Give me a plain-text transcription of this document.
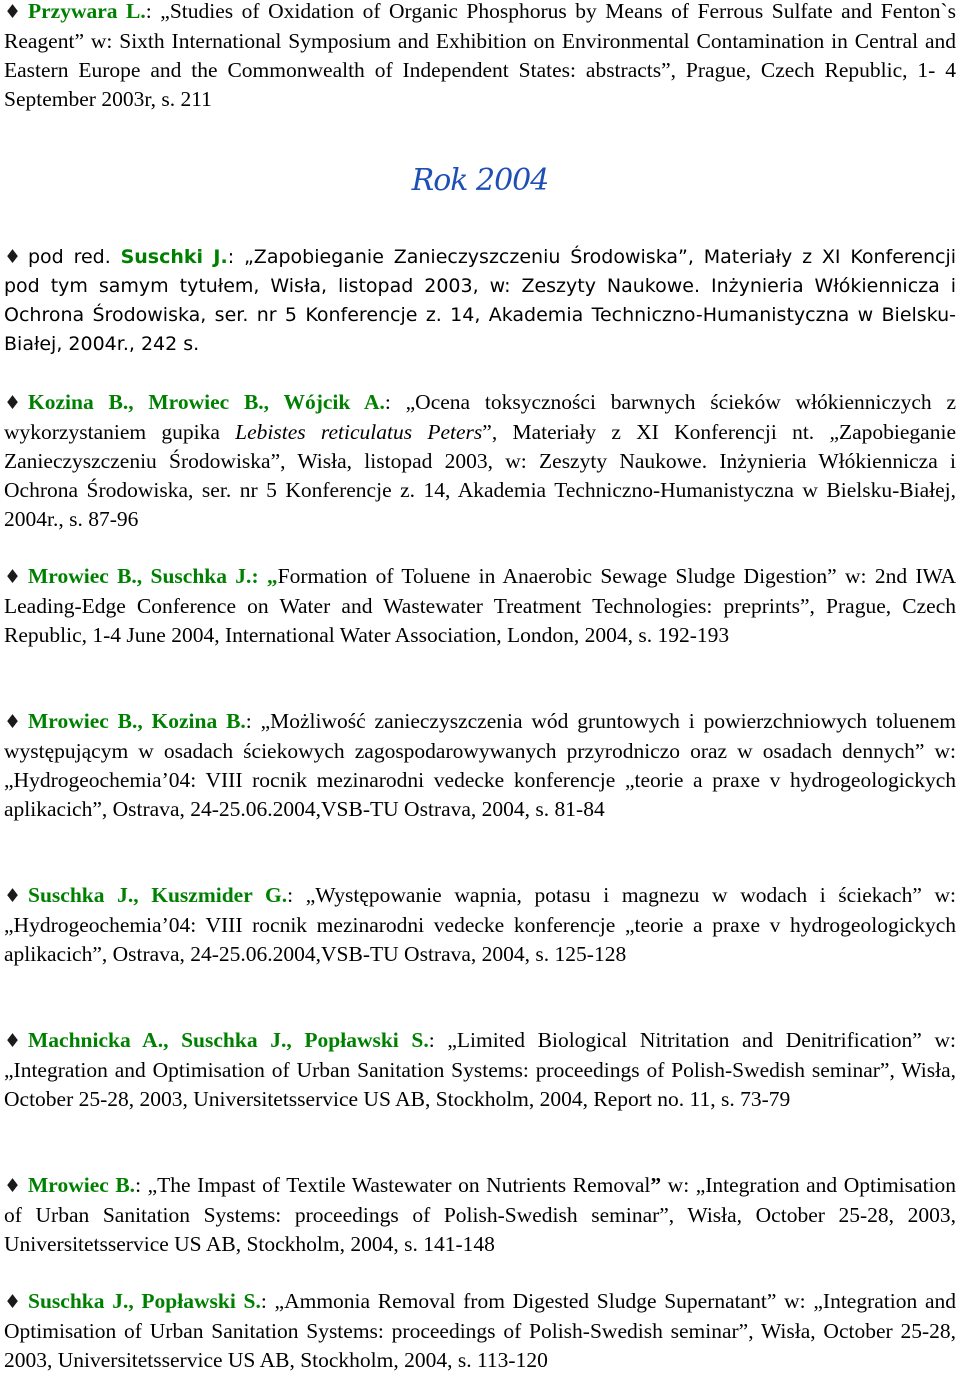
♦ Przywara L.: „Studies of Oxidation of Organic Phosphorus by Means of Ferrous Sulfate and Fenton`s Reagent” w: Sixth International Symposium and Exhibition on Environmental Contamination in Central and Eastern Europe and the Commonwealth of Independent States: abstracts”, Prague, Czech Republic, 1- 4 September 2003r, s. 211

Rok 2004

♦ pod red. Suschki J.: „Zapobieganie Zanieczyszczeniu Środowiska”, Materiały z XI Konferencji pod tym samym tytułem, Wisła, listopad 2003, w: Zeszyty Naukowe. Inżynieria Włókiennicza i Ochrona Środowiska, ser. nr 5 Konferencje z. 14, Akademia Techniczno-Humanistyczna w Bielsku-Białej, 2004r., 242 s.

♦ Kozina B., Mrowiec B., Wójcik A.: „Ocena toksyczności barwnych ścieków włókienniczych z wykorzystaniem gupika Lebistes reticulatus Peters”, Materiały z XI Konferencji nt. „Zapobieganie Zanieczyszczeniu Środowiska”, Wisła, listopad 2003, w: Zeszyty Naukowe. Inżynieria Włókiennicza i Ochrona Środowiska, ser. nr 5 Konferencje z. 14, Akademia Techniczno-Humanistyczna w Bielsku-Białej, 2004r., s. 87-96

♦ Mrowiec B., Suschka J.: „Formation of Toluene in Anaerobic Sewage Sludge Digestion” w: 2nd IWA Leading-Edge Conference on Water and Wastewater Treatment Technologies: preprints”, Prague, Czech Republic, 1-4 June 2004, International Water Association, London, 2004, s. 192-193

♦ Mrowiec B., Kozina B.: „Możliwość zanieczyszczenia wód gruntowych i powierzchniowych toluenem występującym w osadach ściekowych zagospodarowywanych przyrodniczo oraz w osadach dennych” w: „Hydrogeochemia’04: VIII rocnik mezinarodni vedecke konferencje „teorie a praxe v hydrogeologickych aplikacich”, Ostrava, 24-25.06.2004,VSB-TU Ostrava, 2004, s. 81-84

♦ Suschka J., Kuszmider G.: „Występowanie wapnia, potasu i magnezu w wodach i ściekach” w: „Hydrogeochemia’04: VIII rocnik mezinarodni vedecke konferencje „teorie a praxe v hydrogeologickych aplikacich”, Ostrava, 24-25.06.2004,VSB-TU Ostrava, 2004, s. 125-128

♦ Machnicka A., Suschka J., Popławski S.: „Limited Biological Nitritation and Denitrification” w: „Integration and Optimisation of Urban Sanitation Systems: proceedings of Polish-Swedish seminar”, Wisła, October 25-28, 2003, Universitetsservice US AB, Stockholm, 2004, Report no. 11, s. 73-79

♦ Mrowiec B.: „The Impast of Textile Wastewater on Nutrients Removal” w: „Integration and Optimisation of Urban Sanitation Systems: proceedings of Polish-Swedish seminar”, Wisła, October 25-28, 2003, Universitetsservice US AB, Stockholm, 2004, s. 141-148

♦ Suschka J., Popławski S.: „Ammonia Removal from Digested Sludge Supernatant” w: „Integration and Optimisation of Urban Sanitation Systems: proceedings of Polish-Swedish seminar”, Wisła, October 25-28, 2003, Universitetsservice US AB, Stockholm, 2004, s. 113-120
